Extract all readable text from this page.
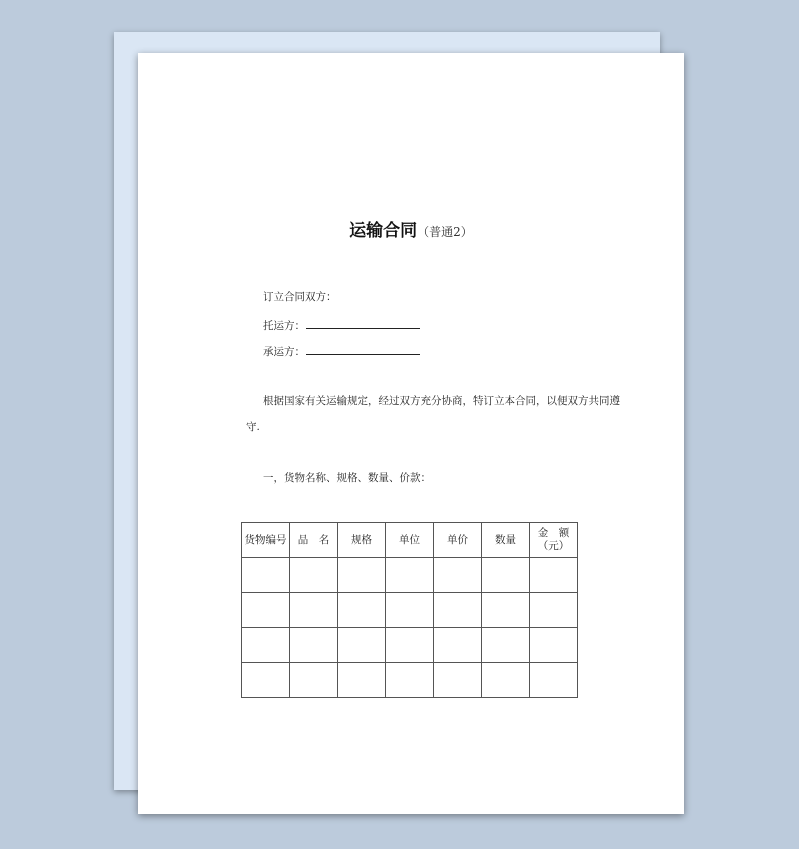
运输合同（普通2）
订立合同双方：
托运方：
承运方：
根据国家有关运输规定，经过双方充分协商，特订立本合同，以便双方共同遵
守.
一，货物名称、规格、数量、价款：
货物编号	品　名	规格	单位	单价	数量	金　额
（元）
